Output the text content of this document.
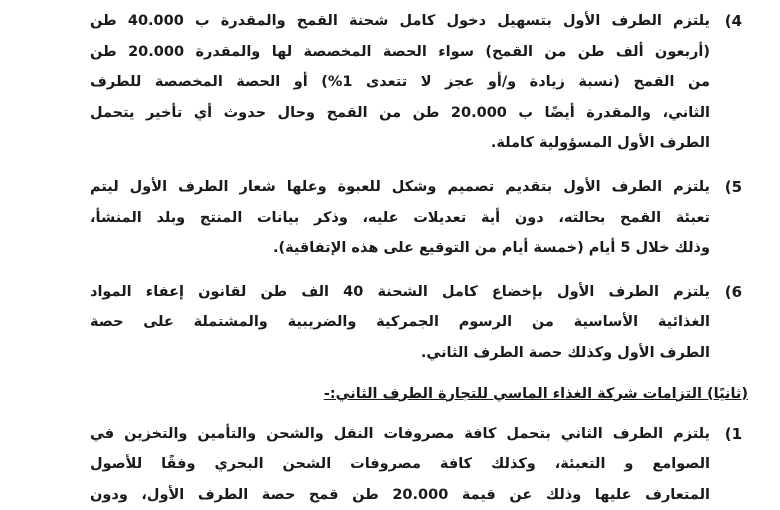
4)
يلتزم الطرف الأول بتسهيل دخول كامل شحنة القمح والمقدرة ب 40.000 طن
(أربعون ألف طن من القمح) سواء الحصة المخصصة لها والمقدرة 20.000 طن
من القمح (نسبة زيادة و/أو عجز لا تتعدى 1%) أو الحصة المخصصة للطرف
الثاني، والمقدرة أيضًا ب 20.000 طن من القمح وحال حدوث أي تأخير يتحمل
الطرف الأول المسؤولية كاملة.
5)
يلتزم الطرف الأول بتقديم تصميم وشكل للعبوة وعلها شعار الطرف الأول ليتم
تعبئة القمح بحالته، دون أية تعديلات عليه، وذكر بيانات المنتج وبلد المنشأ،
وذلك خلال 5 أيام (خمسة أيام من التوقيع على هذه الإتفاقية).
6)
يلتزم الطرف الأول بإخضاع كامل الشحنة 40 الف طن لقانون إعفاء المواد
الغذائية الأساسية من الرسوم الجمركية والضريبية والمشتملة على حصة
الطرف الأول وكذلك حصة الطرف الثاني.
(ثانيًا) التزامات شركة الغذاء الماسي للتجارة الطرف الثاني:-
1)
يلتزم الطرف الثاني بتحمل كافة مصروفات النقل والشحن والتأمين والتخزين في
الصوامع و التعبئة، وكذلك كافة مصروفات الشحن البحري وفقًا للأصول
المتعارف عليها وذلك عن قيمة 20.000 طن قمح حصة الطرف الأول، ودون
